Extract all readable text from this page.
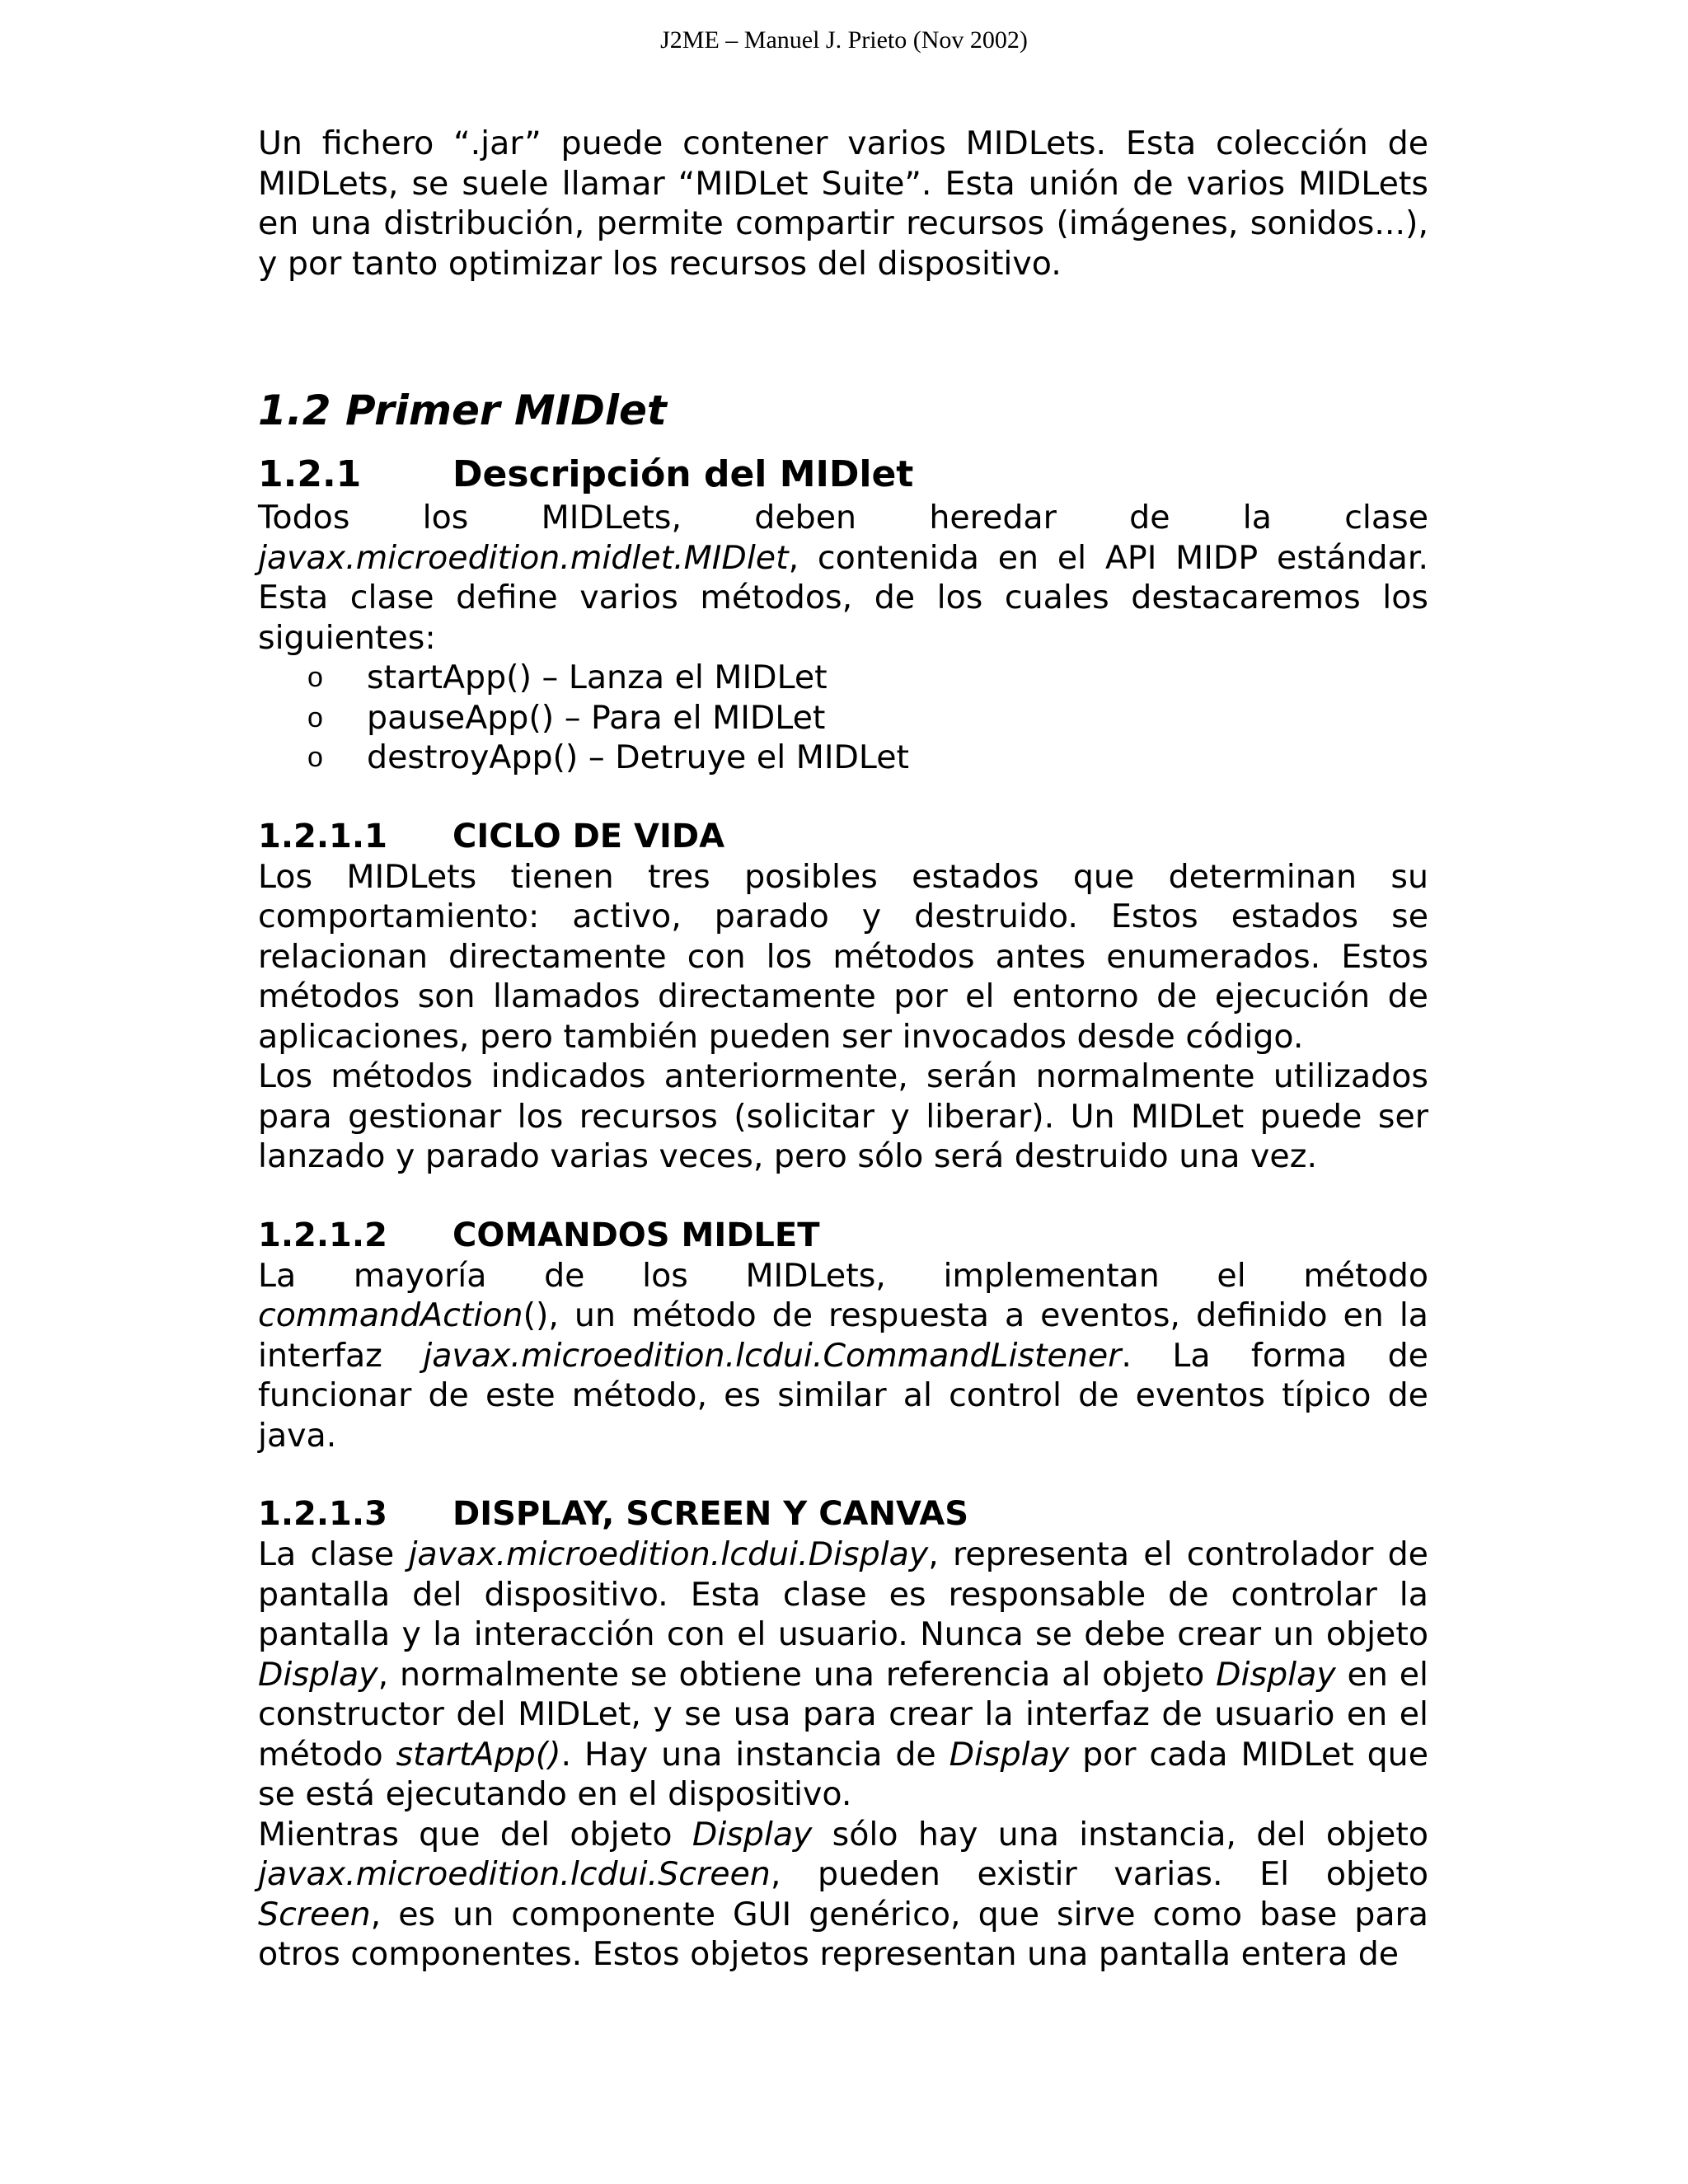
J2ME – Manuel J. Prieto (Nov 2002)

Un fichero “.jar” puede contener varios MIDLets. Esta colección de MIDLets, se suele llamar “MIDLet Suite”. Esta unión de varios MIDLets en una distribución, permite compartir recursos (imágenes, sonidos...), y por tanto optimizar los recursos del dispositivo.

1.2 Primer MIDlet
1.2.1	Descripción del MIDlet

Todos los MIDLets, deben heredar de la clase

javax.microedition.midlet.MIDlet, contenida en el API MIDP estándar. Esta clase define varios métodos, de los cuales destacaremos los siguientes:

o	startApp() – Lanza el MIDLet
o	pauseApp() – Para el MIDLet
o	destroyApp() – Detruye el MIDLet
1.2.1.1	CICLO DE VIDA

Los MIDLets tienen tres posibles estados que determinan su comportamiento: activo, parado y destruido. Estos estados se relacionan directamente con los métodos antes enumerados. Estos métodos son llamados directamente por el entorno de ejecución de aplicaciones, pero también pueden ser invocados desde código.

Los métodos indicados anteriormente, serán normalmente utilizados para gestionar los recursos (solicitar y liberar). Un MIDLet puede ser lanzado y parado varias veces, pero sólo será destruido una vez.

1.2.1.2	COMANDOS MIDLET

La mayoría de los MIDLets, implementan el método

commandAction(), un método de respuesta a eventos, definido en la interfaz javax.microedition.lcdui.CommandListener. La forma de funcionar de este método, es similar al control de eventos típico de java.

1.2.1.3	DISPLAY, SCREEN Y CANVAS

La clase javax.microedition.lcdui.Display, representa el controlador de pantalla del dispositivo. Esta clase es responsable de controlar la pantalla y la interacción con el usuario. Nunca se debe crear un objeto Display, normalmente se obtiene una referencia al objeto Display en el constructor del MIDLet, y se usa para crear la interfaz de usuario en el método startApp(). Hay una instancia de Display por cada MIDLet que se está ejecutando en el dispositivo.

Mientras que del objeto Display sólo hay una instancia, del objeto javax.microedition.lcdui.Screen, pueden existir varias. El objeto Screen, es un componente GUI genérico, que sirve como base para otros componentes. Estos objetos representan una pantalla entera de
